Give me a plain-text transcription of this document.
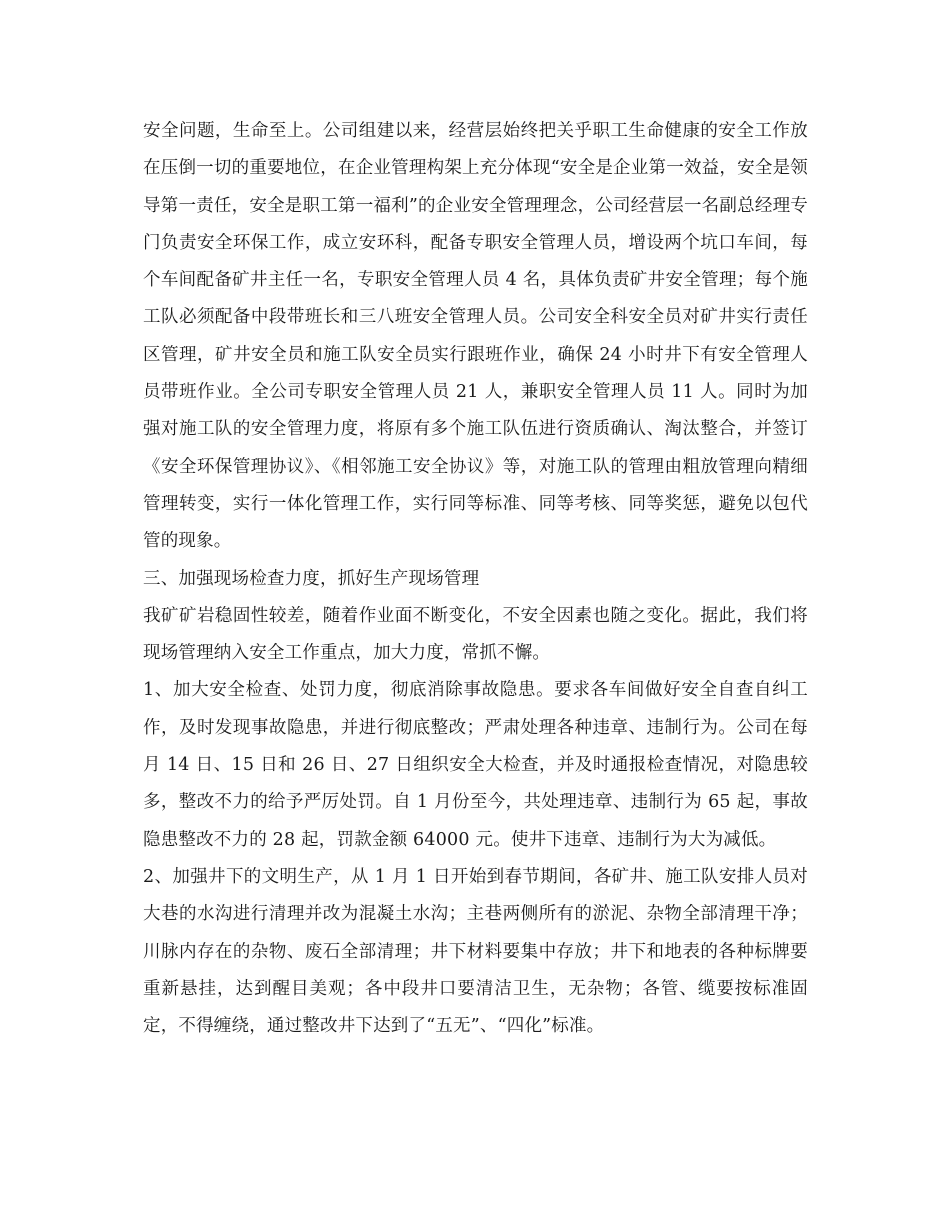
安全问题，生命至上。公司组建以来，经营层始终把关乎职工生命健康的安全工作放在压倒一切的重要地位，在企业管理构架上充分体现“安全是企业第一效益，安全是领导第一责任，安全是职工第一福利”的企业安全管理理念，公司经营层一名副总经理专门负责安全环保工作，成立安环科，配备专职安全管理人员，增设两个坑口车间，每个车间配备矿井主任一名，专职安全管理人员 4 名，具体负责矿井安全管理；每个施工队必须配备中段带班长和三八班安全管理人员。公司安全科安全员对矿井实行责任区管理，矿井安全员和施工队安全员实行跟班作业，确保 24 小时井下有安全管理人员带班作业。全公司专职安全管理人员 21 人，兼职安全管理人员 11 人。同时为加强对施工队的安全管理力度，将原有多个施工队伍进行资质确认、淘汰整合，并签订《安全环保管理协议》、《相邻施工安全协议》等，对施工队的管理由粗放管理向精细管理转变，实行一体化管理工作，实行同等标准、同等考核、同等奖惩，避免以包代管的现象。

三、加强现场检查力度，抓好生产现场管理

我矿矿岩稳固性较差，随着作业面不断变化，不安全因素也随之变化。据此，我们将现场管理纳入安全工作重点，加大力度，常抓不懈。

1、加大安全检查、处罚力度，彻底消除事故隐患。要求各车间做好安全自查自纠工作，及时发现事故隐患，并进行彻底整改；严肃处理各种违章、违制行为。公司在每月 14 日、15 日和 26 日、27 日组织安全大检查，并及时通报检查情况，对隐患较多，整改不力的给予严厉处罚。自 1 月份至今，共处理违章、违制行为 65 起，事故隐患整改不力的 28 起，罚款金额 64000 元。使井下违章、违制行为大为减低。

2、加强井下的文明生产，从 1 月 1 日开始到春节期间，各矿井、施工队安排人员对大巷的水沟进行清理并改为混凝土水沟；主巷两侧所有的淤泥、杂物全部清理干净；川脉内存在的杂物、废石全部清理；井下材料要集中存放；井下和地表的各种标牌要重新悬挂，达到醒目美观；各中段井口要清洁卫生，无杂物；各管、缆要按标准固定，不得缠绕，通过整改井下达到了“五无”、“四化”标准。
